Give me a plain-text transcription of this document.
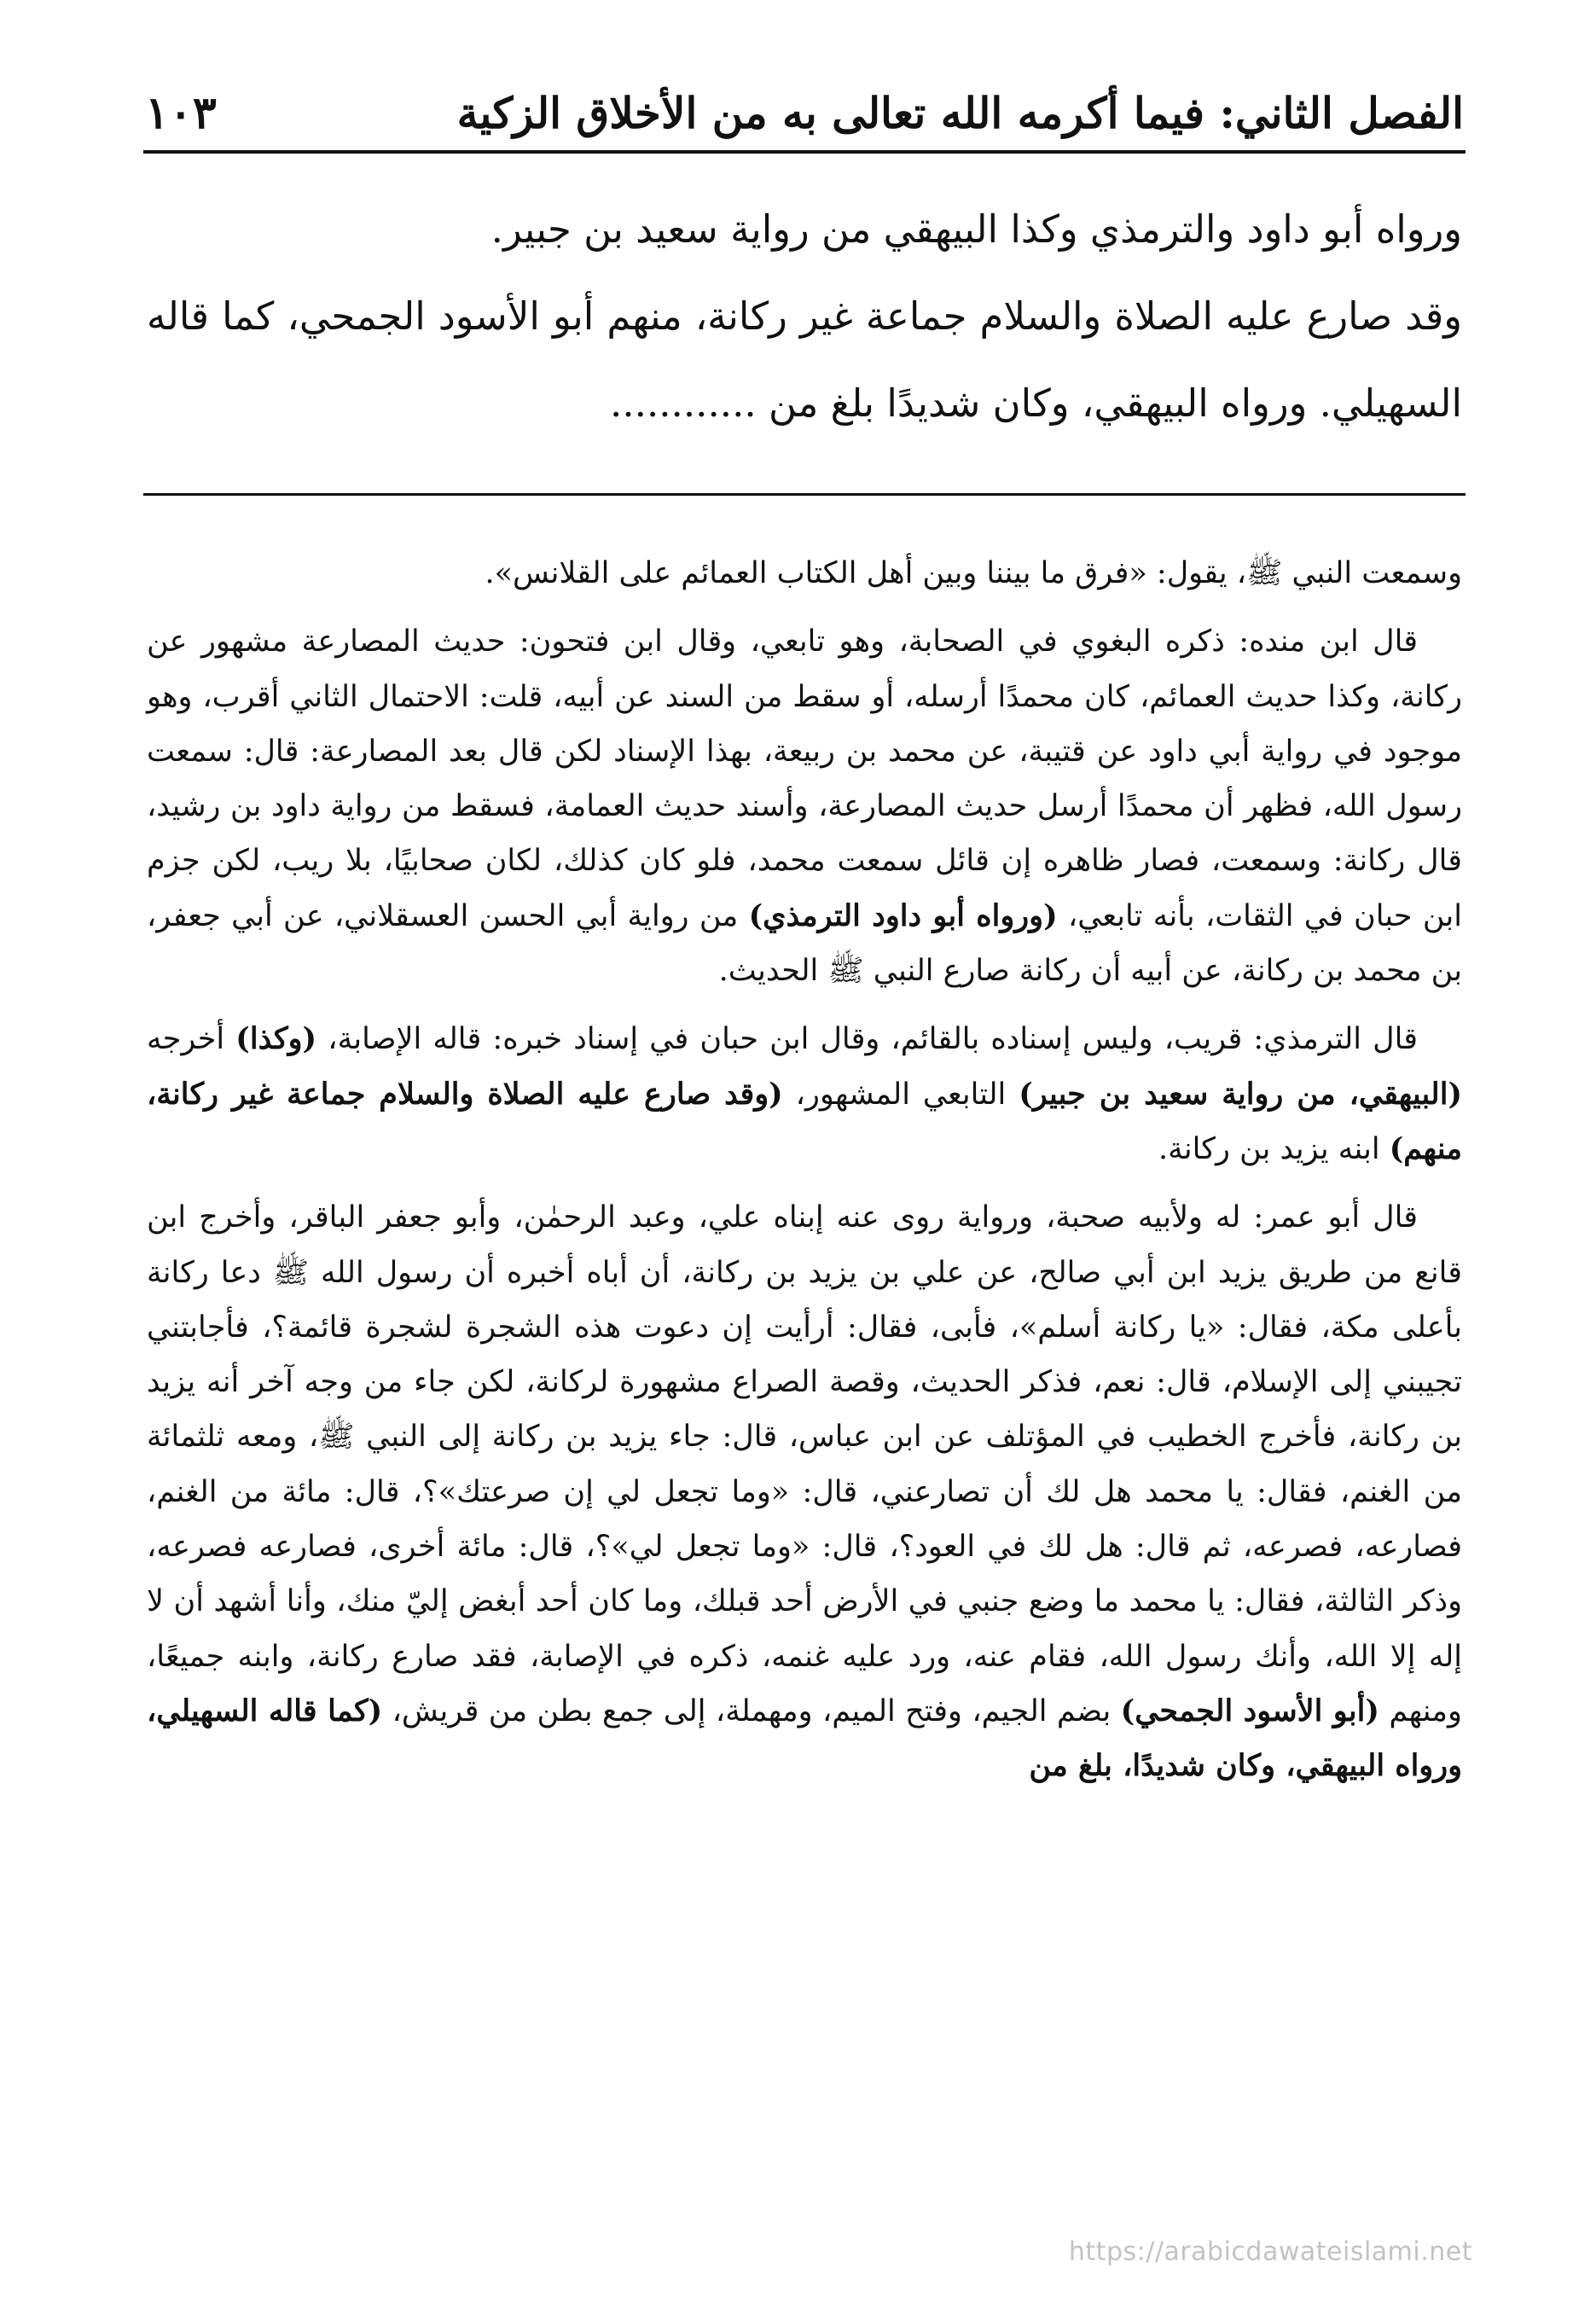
الفصل الثاني: فيما أكرمه الله تعالى به من الأخلاق الزكية
١٠٣

ورواه أبو داود والترمذي وكذا البيهقي من رواية سعيد بن جبير.

وقد صارع عليه الصلاة والسلام جماعة غير ركانة، منهم أبو الأسود الجمحي، كما قاله السهيلي. ورواه البيهقي، وكان شديدًا بلغ من ............

وسمعت النبي ﷺ، يقول: «فرق ما بيننا وبين أهل الكتاب العمائم على القلانس».

قال ابن منده: ذكره البغوي في الصحابة، وهو تابعي، وقال ابن فتحون: حديث المصارعة مشهور عن ركانة، وكذا حديث العمائم، كان محمدًا أرسله، أو سقط من السند عن أبيه، قلت: الاحتمال الثاني أقرب، وهو موجود في رواية أبي داود عن قتيبة، عن محمد بن ربيعة، بهذا الإسناد لكن قال بعد المصارعة: قال: سمعت رسول الله، فظهر أن محمدًا أرسل حديث المصارعة، وأسند حديث العمامة، فسقط من رواية داود بن رشيد، قال ركانة: وسمعت، فصار ظاهره إن قائل سمعت محمد، فلو كان كذلك، لكان صحابيًا، بلا ريب، لكن جزم ابن حبان في الثقات، بأنه تابعي، (ورواه أبو داود الترمذي) من رواية أبي الحسن العسقلاني، عن أبي جعفر، بن محمد بن ركانة، عن أبيه أن ركانة صارع النبي ﷺ الحديث.

قال الترمذي: قريب، وليس إسناده بالقائم، وقال ابن حبان في إسناد خبره: قاله الإصابة، (وكذا) أخرجه (البيهقي، من رواية سعيد بن جبير) التابعي المشهور، (وقد صارع عليه الصلاة والسلام جماعة غير ركانة، منهم) ابنه يزيد بن ركانة.

قال أبو عمر: له ولأبيه صحبة، ورواية روى عنه إبناه علي، وعبد الرحمٰن، وأبو جعفر الباقر، وأخرج ابن قانع من طريق يزيد ابن أبي صالح، عن علي بن يزيد بن ركانة، أن أباه أخبره أن رسول الله ﷺ دعا ركانة بأعلى مكة، فقال: «يا ركانة أسلم»، فأبى، فقال: أرأيت إن دعوت هذه الشجرة لشجرة قائمة؟، فأجابتني تجيبني إلى الإسلام، قال: نعم، فذكر الحديث، وقصة الصراع مشهورة لركانة، لكن جاء من وجه آخر أنه يزيد بن ركانة، فأخرج الخطيب في المؤتلف عن ابن عباس، قال: جاء يزيد بن ركانة إلى النبي ﷺ، ومعه ثلثمائة من الغنم، فقال: يا محمد هل لك أن تصارعني، قال: «وما تجعل لي إن صرعتك»؟، قال: مائة من الغنم، فصارعه، فصرعه، ثم قال: هل لك في العود؟، قال: «وما تجعل لي»؟، قال: مائة أخرى، فصارعه فصرعه، وذكر الثالثة، فقال: يا محمد ما وضع جنبي في الأرض أحد قبلك، وما كان أحد أبغض إليّ منك، وأنا أشهد أن لا إله إلا الله، وأنك رسول الله، فقام عنه، ورد عليه غنمه، ذكره في الإصابة، فقد صارع ركانة، وابنه جميعًا، ومنهم (أبو الأسود الجمحي) بضم الجيم، وفتح الميم، ومهملة، إلى جمع بطن من قريش، (كما قاله السهيلي، ورواه البيهقي، وكان شديدًا، بلغ من

https://arabicdawateislami.net
